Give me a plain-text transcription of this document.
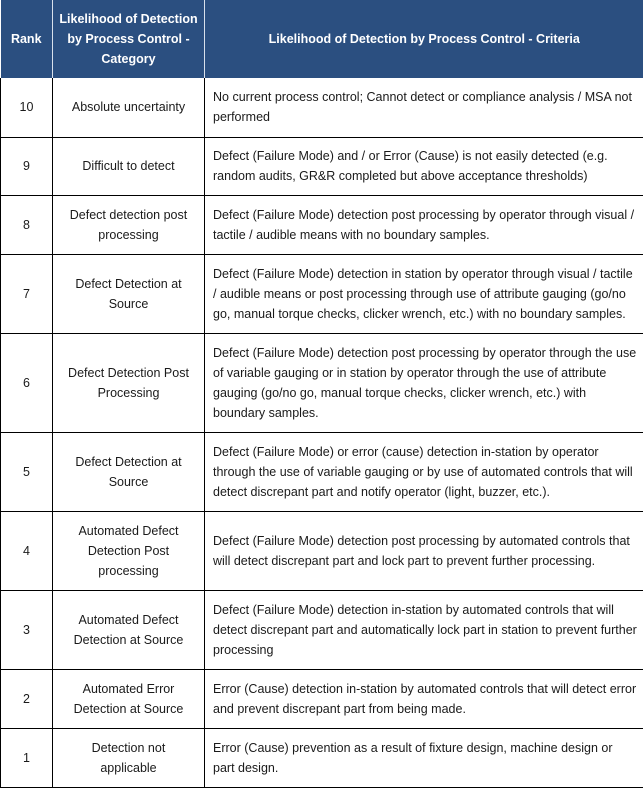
Rank	Likelihood of Detection by Process Control - Category	Likelihood of Detection by Process Control - Criteria
10	Absolute uncertainty	No current process control; Cannot detect or compliance analysis / MSA not performed
9	Difficult to detect	Defect (Failure Mode) and / or Error (Cause) is not easily detected (e.g. random audits, GR&R completed but above acceptance thresholds)
8	Defect detection post processing	Defect (Failure Mode) detection post processing by operator through visual / tactile / audible means with no boundary samples.
7	Defect Detection at Source	Defect (Failure Mode) detection in station by operator through visual / tactile / audible means or post processing through use of attribute gauging (go/no go, manual torque checks, clicker wrench, etc.) with no boundary samples.
6	Defect Detection Post Processing	Defect (Failure Mode) detection post processing by operator through the use of variable gauging or in station by operator through the use of attribute gauging (go/no go, manual torque checks, clicker wrench, etc.) with boundary samples.
5	Defect Detection at Source	Defect (Failure Mode) or error (cause) detection in-station by operator through the use of variable gauging or by use of automated controls that will detect discrepant part and notify operator (light, buzzer, etc.).
4	Automated Defect Detection Post processing	Defect (Failure Mode) detection post processing by automated controls that will detect discrepant part and lock part to prevent further processing.
3	Automated Defect Detection at Source	Defect (Failure Mode) detection in-station by automated controls that will detect discrepant part and automatically lock part in station to prevent further processing
2	Automated Error Detection at Source	Error (Cause) detection in-station by automated controls that will detect error and prevent discrepant part from being made.
1	Detection not applicable	Error (Cause) prevention as a result of fixture design, machine design or part design.
